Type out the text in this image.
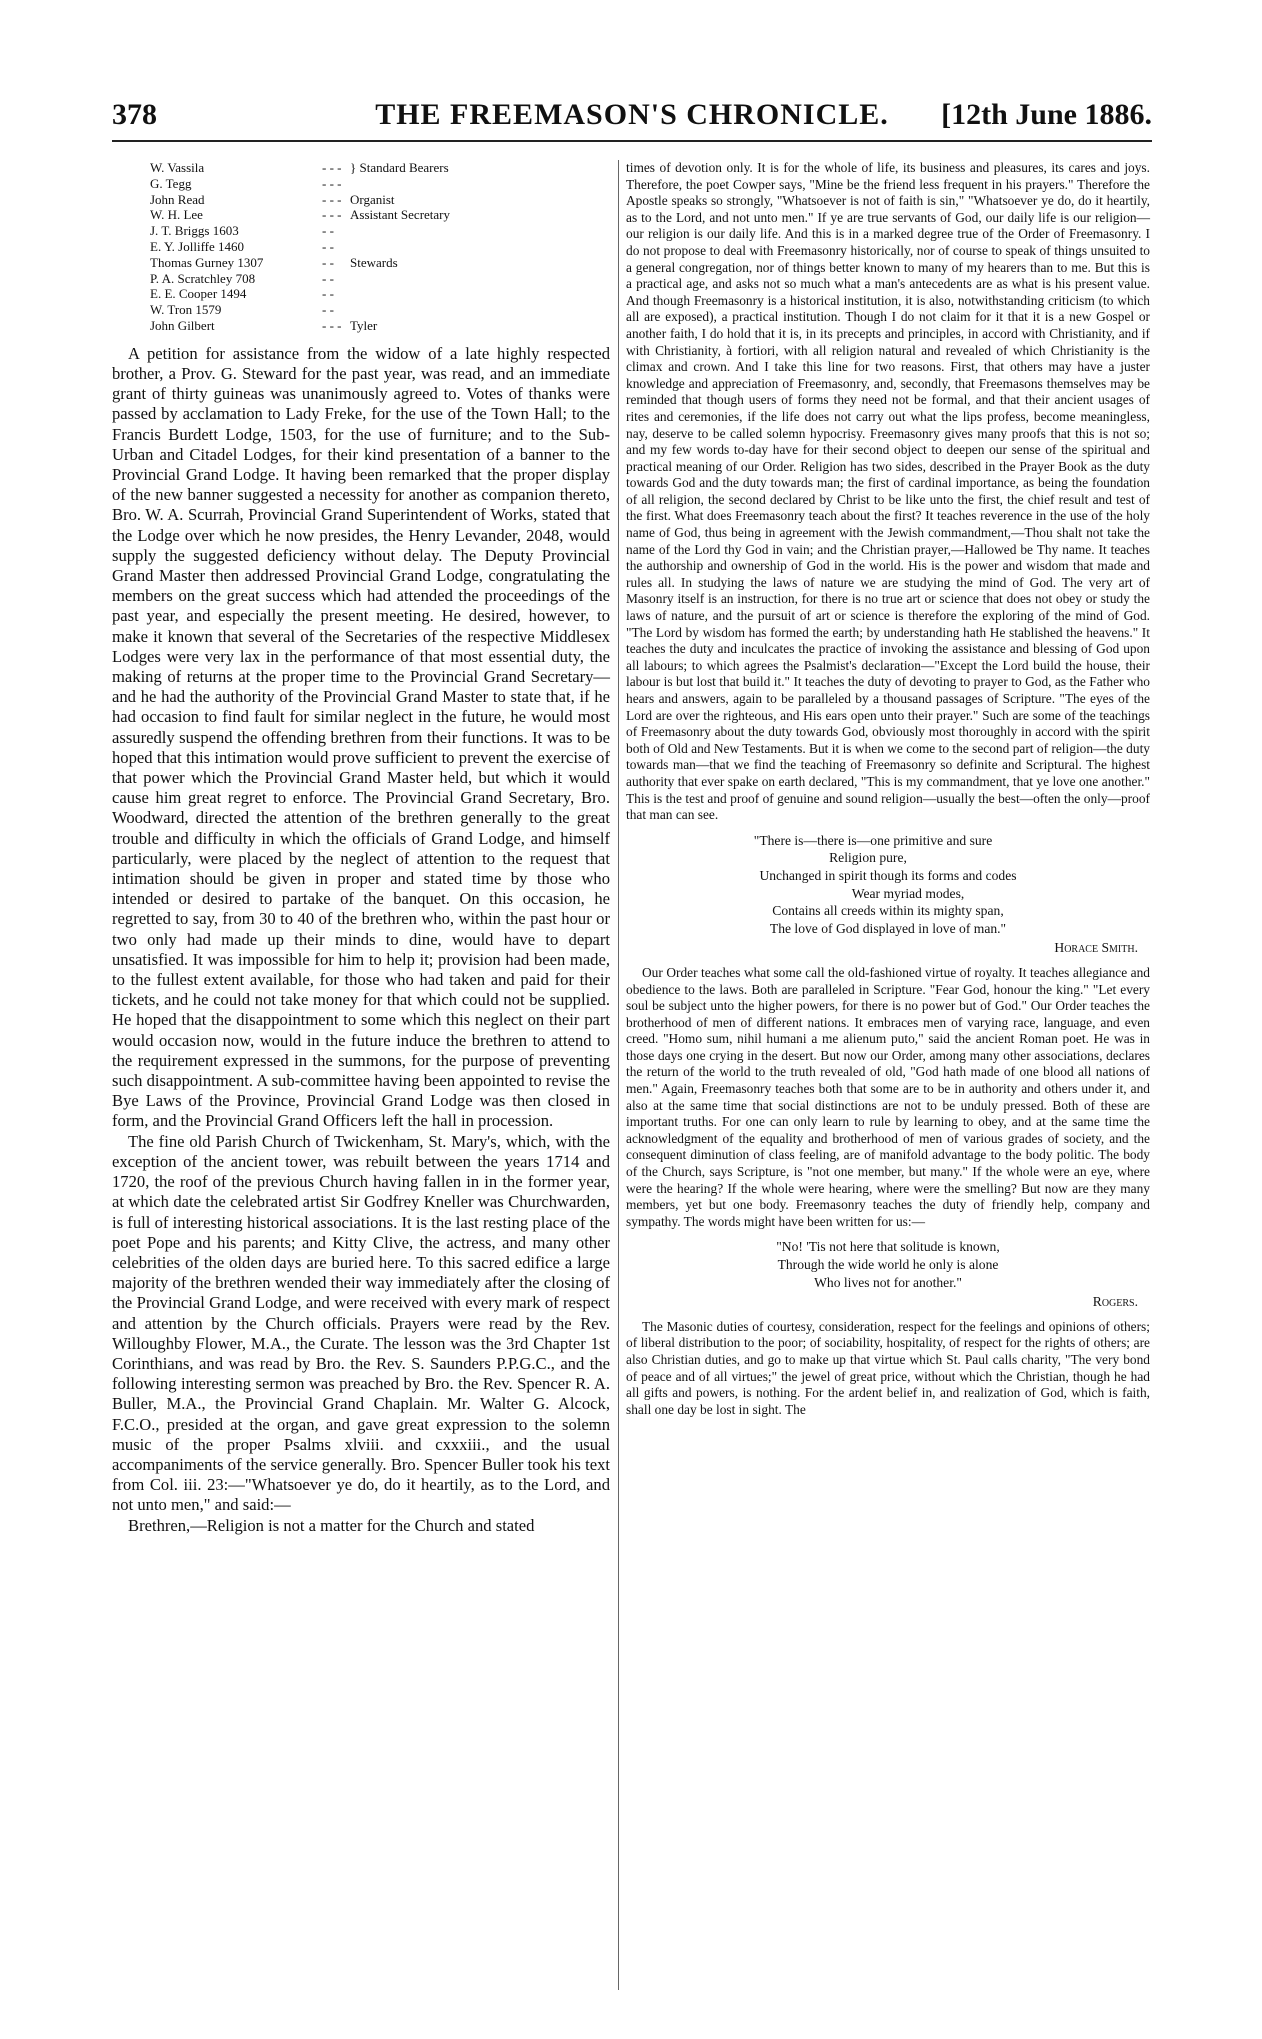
378	THE FREEMASON'S CHRONICLE.	[12th June 1886.
W. Vassila	- - -	} Standard Bearers
G. Tegg	- - -	
John Read	- - -	Organist
W. H. Lee	- - -	Assistant Secretary
J. T. Briggs 1603	- -	
E. Y. Jolliffe 1460	- -	
Thomas Gurney 1307	- -	Stewards
P. A. Scratchley 708	- -	
E. E. Cooper 1494	- -	
W. Tron 1579	- -	
John Gilbert	- - -	Tyler

A petition for assistance from the widow of a late highly respected brother, a Prov. G. Steward for the past year, was read, and an immediate grant of thirty guineas was unanimously agreed to. Votes of thanks were passed by acclamation to Lady Freke, for the use of the Town Hall; to the Francis Burdett Lodge, 1503, for the use of furniture; and to the Sub-Urban and Citadel Lodges, for their kind presentation of a banner to the Provincial Grand Lodge. It having been remarked that the proper display of the new banner suggested a necessity for another as companion thereto, Bro. W. A. Scurrah, Provincial Grand Superintendent of Works, stated that the Lodge over which he now presides, the Henry Levander, 2048, would supply the suggested deficiency without delay. The Deputy Provincial Grand Master then addressed Provincial Grand Lodge, congratulating the members on the great success which had attended the proceedings of the past year, and especially the present meeting. He desired, however, to make it known that several of the Secretaries of the respective Middlesex Lodges were very lax in the performance of that most essential duty, the making of returns at the proper time to the Provincial Grand Secretary—and he had the authority of the Provincial Grand Master to state that, if he had occasion to find fault for similar neglect in the future, he would most assuredly suspend the offending brethren from their functions. It was to be hoped that this intimation would prove sufficient to prevent the exercise of that power which the Provincial Grand Master held, but which it would cause him great regret to enforce. The Provincial Grand Secretary, Bro. Woodward, directed the attention of the brethren generally to the great trouble and difficulty in which the officials of Grand Lodge, and himself particularly, were placed by the neglect of attention to the request that intimation should be given in proper and stated time by those who intended or desired to partake of the banquet. On this occasion, he regretted to say, from 30 to 40 of the brethren who, within the past hour or two only had made up their minds to dine, would have to depart unsatisfied. It was impossible for him to help it; provision had been made, to the fullest extent available, for those who had taken and paid for their tickets, and he could not take money for that which could not be supplied. He hoped that the disappointment to some which this neglect on their part would occasion now, would in the future induce the brethren to attend to the requirement expressed in the summons, for the purpose of preventing such disappointment. A sub-committee having been appointed to revise the Bye Laws of the Province, Provincial Grand Lodge was then closed in form, and the Provincial Grand Officers left the hall in procession.

The fine old Parish Church of Twickenham, St. Mary's, which, with the exception of the ancient tower, was rebuilt between the years 1714 and 1720, the roof of the previous Church having fallen in in the former year, at which date the celebrated artist Sir Godfrey Kneller was Churchwarden, is full of interesting historical associations. It is the last resting place of the poet Pope and his parents; and Kitty Clive, the actress, and many other celebrities of the olden days are buried here. To this sacred edifice a large majority of the brethren wended their way immediately after the closing of the Provincial Grand Lodge, and were received with every mark of respect and attention by the Church officials. Prayers were read by the Rev. Willoughby Flower, M.A., the Curate. The lesson was the 3rd Chapter 1st Corinthians, and was read by Bro. the Rev. S. Saunders P.P.G.C., and the following interesting sermon was preached by Bro. the Rev. Spencer R. A. Buller, M.A., the Provincial Grand Chaplain. Mr. Walter G. Alcock, F.C.O., presided at the organ, and gave great expression to the solemn music of the proper Psalms xlviii. and cxxxiii., and the usual accompaniments of the service generally. Bro. Spencer Buller took his text from Col. iii. 23:—"Whatsoever ye do, do it heartily, as to the Lord, and not unto men," and said:—

Brethren,—Religion is not a matter for the Church and stated

times of devotion only. It is for the whole of life, its business and pleasures, its cares and joys. Therefore, the poet Cowper says, "Mine be the friend less frequent in his prayers." Therefore the Apostle speaks so strongly, "Whatsoever is not of faith is sin," "Whatsoever ye do, do it heartily, as to the Lord, and not unto men." If ye are true servants of God, our daily life is our religion—our religion is our daily life. And this is in a marked degree true of the Order of Freemasonry. I do not propose to deal with Freemasonry historically, nor of course to speak of things unsuited to a general congregation, nor of things better known to many of my hearers than to me. But this is a practical age, and asks not so much what a man's antecedents are as what is his present value. And though Freemasonry is a historical institution, it is also, notwithstanding criticism (to which all are exposed), a practical institution. Though I do not claim for it that it is a new Gospel or another faith, I do hold that it is, in its precepts and principles, in accord with Christianity, and if with Christianity, à fortiori, with all religion natural and revealed of which Christianity is the climax and crown. And I take this line for two reasons. First, that others may have a juster knowledge and appreciation of Freemasonry, and, secondly, that Freemasons themselves may be reminded that though users of forms they need not be formal, and that their ancient usages of rites and ceremonies, if the life does not carry out what the lips profess, become meaningless, nay, deserve to be called solemn hypocrisy. Freemasonry gives many proofs that this is not so; and my few words to-day have for their second object to deepen our sense of the spiritual and practical meaning of our Order. Religion has two sides, described in the Prayer Book as the duty towards God and the duty towards man; the first of cardinal importance, as being the foundation of all religion, the second declared by Christ to be like unto the first, the chief result and test of the first. What does Freemasonry teach about the first? It teaches reverence in the use of the holy name of God, thus being in agreement with the Jewish commandment,—Thou shalt not take the name of the Lord thy God in vain; and the Christian prayer,—Hallowed be Thy name. It teaches the authorship and ownership of God in the world. His is the power and wisdom that made and rules all. In studying the laws of nature we are studying the mind of God. The very art of Masonry itself is an instruction, for there is no true art or science that does not obey or study the laws of nature, and the pursuit of art or science is therefore the exploring of the mind of God. "The Lord by wisdom has formed the earth; by understanding hath He stablished the heavens." It teaches the duty and inculcates the practice of invoking the assistance and blessing of God upon all labours; to which agrees the Psalmist's declaration—"Except the Lord build the house, their labour is but lost that build it." It teaches the duty of devoting to prayer to God, as the Father who hears and answers, again to be paralleled by a thousand passages of Scripture. "The eyes of the Lord are over the righteous, and His ears open unto their prayer." Such are some of the teachings of Freemasonry about the duty towards God, obviously most thoroughly in accord with the spirit both of Old and New Testaments. But it is when we come to the second part of religion—the duty towards man—that we find the teaching of Freemasonry so definite and Scriptural. The highest authority that ever spake on earth declared, "This is my commandment, that ye love one another." This is the test and proof of genuine and sound religion—usually the best—often the only—proof that man can see.

"There is—there is—one primitive and sure
Religion pure,
Unchanged in spirit though its forms and codes
Wear myriad modes,
Contains all creeds within its mighty span,
The love of God displayed in love of man."
Horace Smith.

Our Order teaches what some call the old-fashioned virtue of royalty. It teaches allegiance and obedience to the laws. Both are paralleled in Scripture. "Fear God, honour the king." "Let every soul be subject unto the higher powers, for there is no power but of God." Our Order teaches the brotherhood of men of different nations. It embraces men of varying race, language, and even creed. "Homo sum, nihil humani a me alienum puto," said the ancient Roman poet. He was in those days one crying in the desert. But now our Order, among many other associations, declares the return of the world to the truth revealed of old, "God hath made of one blood all nations of men." Again, Freemasonry teaches both that some are to be in authority and others under it, and also at the same time that social distinctions are not to be unduly pressed. Both of these are important truths. For one can only learn to rule by learning to obey, and at the same time the acknowledgment of the equality and brotherhood of men of various grades of society, and the consequent diminution of class feeling, are of manifold advantage to the body politic. The body of the Church, says Scripture, is "not one member, but many." If the whole were an eye, where were the hearing? If the whole were hearing, where were the smelling? But now are they many members, yet but one body. Freemasonry teaches the duty of friendly help, company and sympathy. The words might have been written for us:—

"No! 'Tis not here that solitude is known,
Through the wide world he only is alone
Who lives not for another."
Rogers.

The Masonic duties of courtesy, consideration, respect for the feelings and opinions of others; of liberal distribution to the poor; of sociability, hospitality, of respect for the rights of others; are also Christian duties, and go to make up that virtue which St. Paul calls charity, "The very bond of peace and of all virtues;" the jewel of great price, without which the Christian, though he had all gifts and powers, is nothing. For the ardent belief in, and realization of God, which is faith, shall one day be lost in sight. The
